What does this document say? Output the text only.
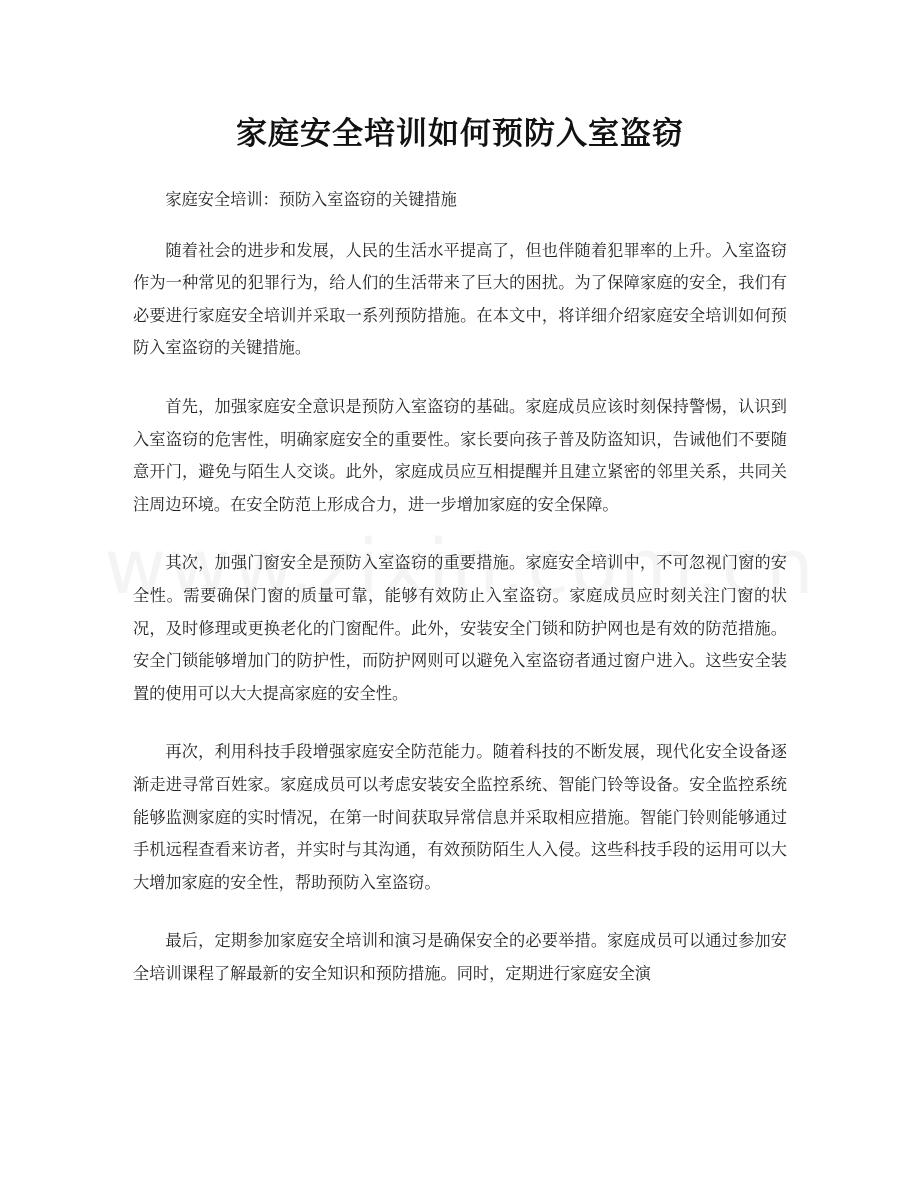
家庭安全培训如何预防入室盗窃

家庭安全培训：预防入室盗窃的关键措施

随着社会的进步和发展，人民的生活水平提高了，但也伴随着犯罪率的上升。入室盗窃作为一种常见的犯罪行为，给人们的生活带来了巨大的困扰。为了保障家庭的安全，我们有必要进行家庭安全培训并采取一系列预防措施。在本文中，将详细介绍家庭安全培训如何预防入室盗窃的关键措施。

首先，加强家庭安全意识是预防入室盗窃的基础。家庭成员应该时刻保持警惕，认识到入室盗窃的危害性，明确家庭安全的重要性。家长要向孩子普及防盗知识，告诫他们不要随意开门，避免与陌生人交谈。此外，家庭成员应互相提醒并且建立紧密的邻里关系，共同关注周边环境。在安全防范上形成合力，进一步增加家庭的安全保障。

其次，加强门窗安全是预防入室盗窃的重要措施。家庭安全培训中，不可忽视门窗的安全性。需要确保门窗的质量可靠，能够有效防止入室盗窃。家庭成员应时刻关注门窗的状况，及时修理或更换老化的门窗配件。此外，安装安全门锁和防护网也是有效的防范措施。安全门锁能够增加门的防护性，而防护网则可以避免入室盗窃者通过窗户进入。这些安全装置的使用可以大大提高家庭的安全性。

再次，利用科技手段增强家庭安全防范能力。随着科技的不断发展，现代化安全设备逐渐走进寻常百姓家。家庭成员可以考虑安装安全监控系统、智能门铃等设备。安全监控系统能够监测家庭的实时情况，在第一时间获取异常信息并采取相应措施。智能门铃则能够通过手机远程查看来访者，并实时与其沟通，有效预防陌生人入侵。这些科技手段的运用可以大大增加家庭的安全性，帮助预防入室盗窃。

最后，定期参加家庭安全培训和演习是确保安全的必要举措。家庭成员可以通过参加安全培训课程了解最新的安全知识和预防措施。同时，定期进行家庭安全演
